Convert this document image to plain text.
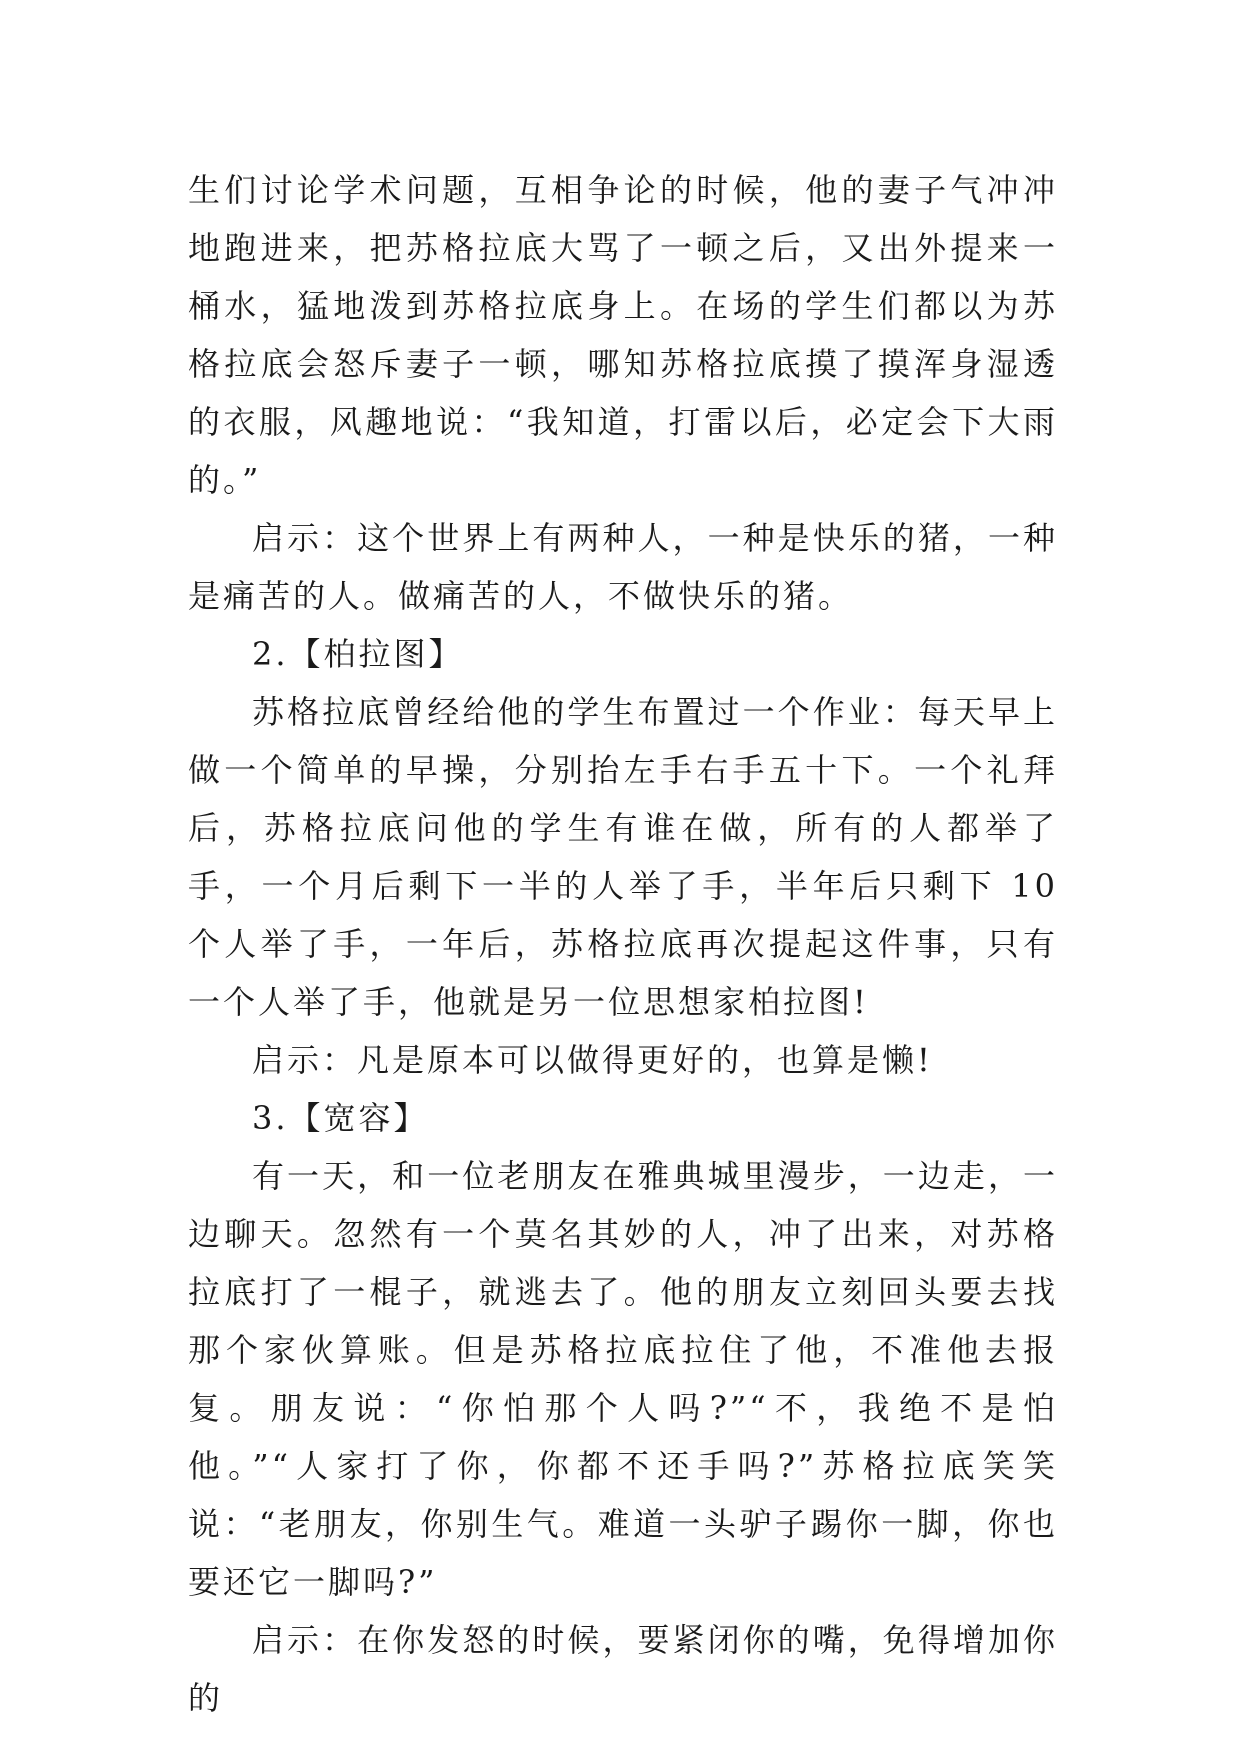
生们讨论学术问题，互相争论的时候，他的妻子气冲冲地跑进来，把苏格拉底大骂了一顿之后，又出外提来一桶水，猛地泼到苏格拉底身上。在场的学生们都以为苏格拉底会怒斥妻子一顿，哪知苏格拉底摸了摸浑身湿透的衣服，风趣地说：“我知道，打雷以后，必定会下大雨的。”

启示：这个世界上有两种人，一种是快乐的猪，一种是痛苦的人。做痛苦的人，不做快乐的猪。

2.【柏拉图】

苏格拉底曾经给他的学生布置过一个作业：每天早上做一个简单的早操，分别抬左手右手五十下。一个礼拜后，苏格拉底问他的学生有谁在做，所有的人都举了手，一个月后剩下一半的人举了手，半年后只剩下 10 个人举了手，一年后，苏格拉底再次提起这件事，只有一个人举了手，他就是另一位思想家柏拉图!

启示：凡是原本可以做得更好的，也算是懒!

3.【宽容】

有一天，和一位老朋友在雅典城里漫步，一边走，一边聊天。忽然有一个莫名其妙的人，冲了出来，对苏格拉底打了一棍子，就逃去了。他的朋友立刻回头要去找那个家伙算账。但是苏格拉底拉住了他，不准他去报复。朋友说：“你怕那个人吗?”“不，我绝不是怕他。”“人家打了你，你都不还手吗?”苏格拉底笑笑说：“老朋友，你别生气。难道一头驴子踢你一脚，你也要还它一脚吗?”

启示：在你发怒的时候，要紧闭你的嘴，免得增加你的
